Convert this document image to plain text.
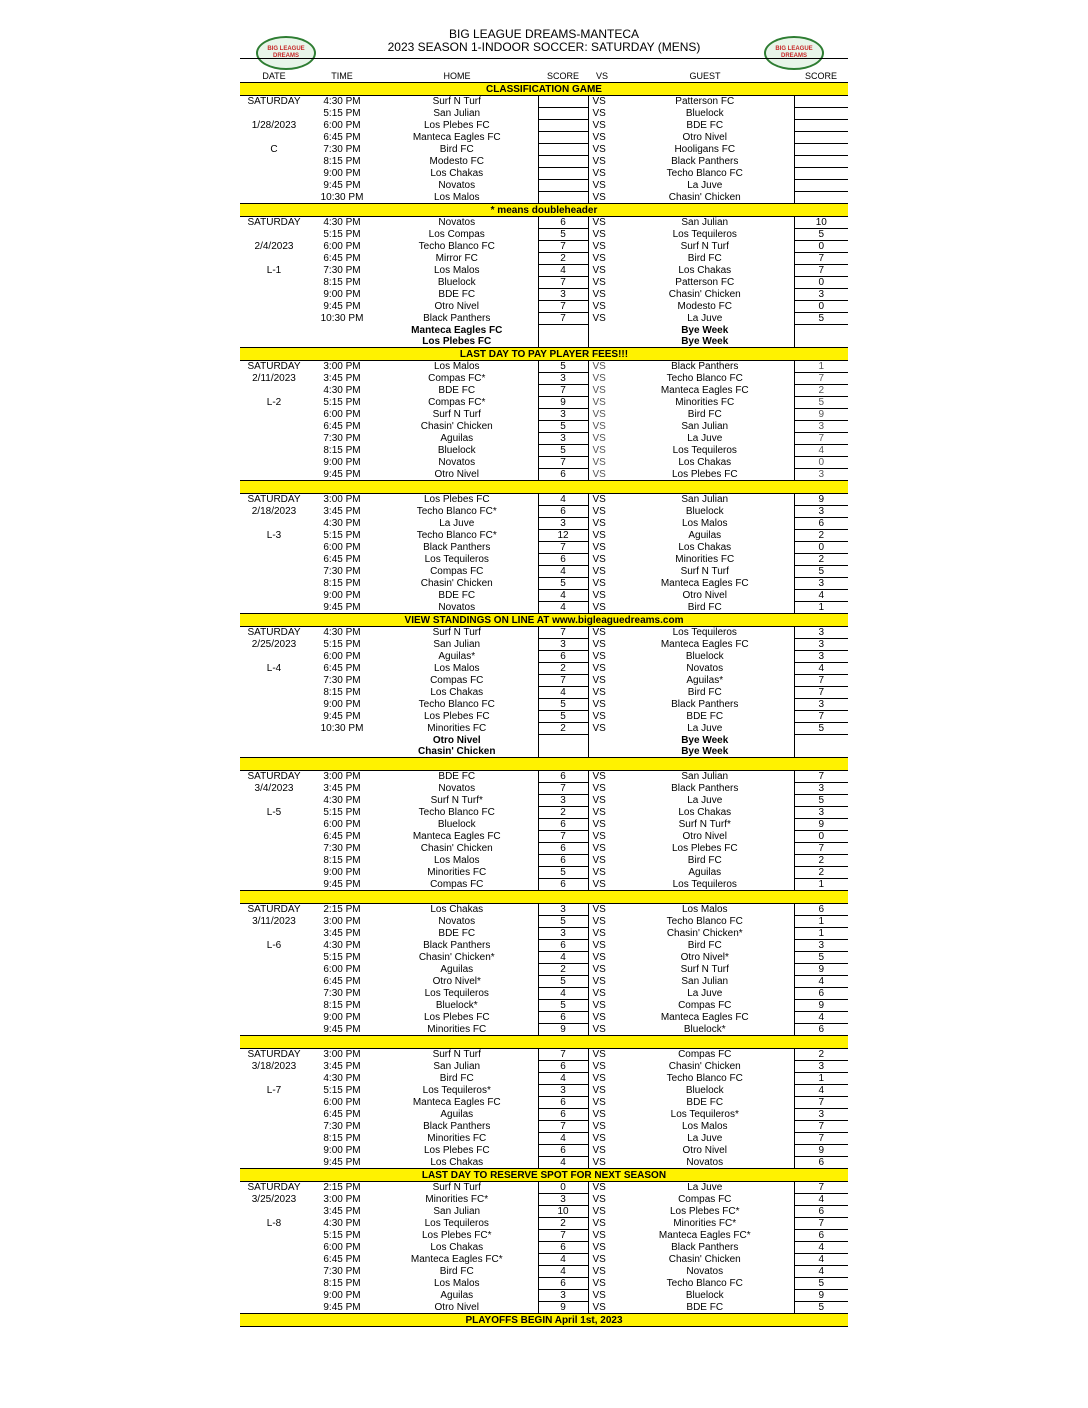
BIG LEAGUE DREAMS
BIG LEAGUE DREAMS
BIG LEAGUE DREAMS-MANTECA
2023 SEASON 1-INDOOR SOCCER: SATURDAY (MENS)
DATE	TIME	HOME	SCORE	VS	GUEST	SCORE
CLASSIFICATION GAME						
SATURDAY	4:30 PM	Surf N Turf		VS	Patterson FC	
	5:15 PM	San Julian		VS	Bluelock	
1/28/2023	6:00 PM	Los Plebes FC		VS	BDE FC	
	6:45 PM	Manteca Eagles FC		VS	Otro Nivel	
C	7:30 PM	Bird FC		VS	Hooligans FC	
	8:15 PM	Modesto FC		VS	Black Panthers	
	9:00 PM	Los Chakas		VS	Techo Blanco FC	
	9:45 PM	Novatos		VS	La Juve	
	10:30 PM	Los Malos		VS	Chasin' Chicken	
* means doubleheader						
SATURDAY	4:30 PM	Novatos	6	VS	San Julian	10
	5:15 PM	Los Compas	5	VS	Los Tequileros	5
2/4/2023	6:00 PM	Techo Blanco FC	7	VS	Surf N Turf	0
	6:45 PM	Mirror FC	2	VS	Bird FC	7
L-1	7:30 PM	Los Malos	4	VS	Los Chakas	7
	8:15 PM	Bluelock	7	VS	Patterson FC	0
	9:00 PM	BDE FC	3	VS	Chasin' Chicken	3
	9:45 PM	Otro Nivel	7	VS	Modesto FC	0
	10:30 PM	Black Panthers	7	VS	La Juve	5
		Manteca Eagles FC			Bye Week	
		Los Plebes FC			Bye Week	
LAST DAY TO PAY PLAYER FEES!!!						
SATURDAY	3:00 PM	Los Malos	5	VS	Black Panthers	1
2/11/2023	3:45 PM	Compas FC*	3	VS	Techo Blanco FC	7
	4:30 PM	BDE FC	7	VS	Manteca Eagles FC	2
L-2	5:15 PM	Compas FC*	9	VS	Minorities FC	5
	6:00 PM	Surf N Turf	3	VS	Bird FC	9
	6:45 PM	Chasin' Chicken	5	VS	San Julian	3
	7:30 PM	Aguilas	3	VS	La Juve	7
	8:15 PM	Bluelock	5	VS	Los Tequileros	4
	9:00 PM	Novatos	7	VS	Los Chakas	0
	9:45 PM	Otro Nivel	6	VS	Los Plebes FC	3

SATURDAY	3:00 PM	Los Plebes FC	4	VS	San Julian	9
2/18/2023	3:45 PM	Techo Blanco FC*	6	VS	Bluelock	3
	4:30 PM	La Juve	3	VS	Los Malos	6
L-3	5:15 PM	Techo Blanco FC*	12	VS	Aguilas	2
	6:00 PM	Black Panthers	7	VS	Los Chakas	0
	6:45 PM	Los Tequileros	6	VS	Minorities FC	2
	7:30 PM	Compas FC	4	VS	Surf N Turf	5
	8:15 PM	Chasin' Chicken	5	VS	Manteca Eagles FC	3
	9:00 PM	BDE FC	4	VS	Otro Nivel	4
	9:45 PM	Novatos	4	VS	Bird FC	1
VIEW STANDINGS ON LINE AT www.bigleaguedreams.com						
SATURDAY	4:30 PM	Surf N Turf	7	VS	Los Tequileros	3
2/25/2023	5:15 PM	San Julian	3	VS	Manteca Eagles FC	3
	6:00 PM	Aguilas*	6	VS	Bluelock	3
L-4	6:45 PM	Los Malos	2	VS	Novatos	4
	7:30 PM	Compas FC	7	VS	Aguilas*	7
	8:15 PM	Los Chakas	4	VS	Bird FC	7
	9:00 PM	Techo Blanco FC	5	VS	Black Panthers	3
	9:45 PM	Los Plebes FC	5	VS	BDE FC	7
	10:30 PM	Minorities FC	2	VS	La Juve	5
		Otro Nivel			Bye Week	
		Chasin' Chicken			Bye Week	

SATURDAY	3:00 PM	BDE FC	6	VS	San Julian	7
3/4/2023	3:45 PM	Novatos	7	VS	Black Panthers	3
	4:30 PM	Surf N Turf*	3	VS	La Juve	5
L-5	5:15 PM	Techo Blanco FC	2	VS	Los Chakas	3
	6:00 PM	Bluelock	6	VS	Surf N Turf*	9
	6:45 PM	Manteca Eagles FC	7	VS	Otro Nivel	0
	7:30 PM	Chasin' Chicken	6	VS	Los Plebes FC	7
	8:15 PM	Los Malos	6	VS	Bird FC	2
	9:00 PM	Minorities FC	5	VS	Aguilas	2
	9:45 PM	Compas FC	6	VS	Los Tequileros	1

SATURDAY	2:15 PM	Los Chakas	3	VS	Los Malos	6
3/11/2023	3:00 PM	Novatos	5	VS	Techo Blanco FC	1
	3:45 PM	BDE FC	3	VS	Chasin' Chicken*	1
L-6	4:30 PM	Black Panthers	6	VS	Bird FC	3
	5:15 PM	Chasin' Chicken*	4	VS	Otro Nivel*	5
	6:00 PM	Aguilas	2	VS	Surf N Turf	9
	6:45 PM	Otro Nivel*	5	VS	San Julian	4
	7:30 PM	Los Tequileros	4	VS	La Juve	6
	8:15 PM	Bluelock*	5	VS	Compas FC	9
	9:00 PM	Los Plebes FC	6	VS	Manteca Eagles FC	4
	9:45 PM	Minorities FC	9	VS	Bluelock*	6

SATURDAY	3:00 PM	Surf N Turf	7	VS	Compas FC	2
3/18/2023	3:45 PM	San Julian	6	VS	Chasin' Chicken	3
	4:30 PM	Bird FC	4	VS	Techo Blanco FC	1
L-7	5:15 PM	Los Tequileros*	3	VS	Bluelock	4
	6:00 PM	Manteca Eagles FC	6	VS	BDE FC	7
	6:45 PM	Aguilas	6	VS	Los Tequileros*	3
	7:30 PM	Black Panthers	7	VS	Los Malos	7
	8:15 PM	Minorities FC	4	VS	La Juve	7
	9:00 PM	Los Plebes FC	6	VS	Otro Nivel	9
	9:45 PM	Los Chakas	4	VS	Novatos	6
LAST DAY TO RESERVE SPOT FOR NEXT SEASON						
SATURDAY	2:15 PM	Surf N Turf	0	VS	La Juve	7
3/25/2023	3:00 PM	Minorities FC*	3	VS	Compas FC	4
	3:45 PM	San Julian	10	VS	Los Plebes FC*	6
L-8	4:30 PM	Los Tequileros	2	VS	Minorities FC*	7
	5:15 PM	Los Plebes FC*	7	VS	Manteca Eagles FC*	6
	6:00 PM	Los Chakas	6	VS	Black Panthers	4
	6:45 PM	Manteca Eagles FC*	4	VS	Chasin' Chicken	4
	7:30 PM	Bird FC	4	VS	Novatos	4
	8:15 PM	Los Malos	6	VS	Techo Blanco FC	5
	9:00 PM	Aguilas	3	VS	Bluelock	9
	9:45 PM	Otro Nivel	9	VS	BDE FC	5
PLAYOFFS BEGIN April 1st, 2023						
